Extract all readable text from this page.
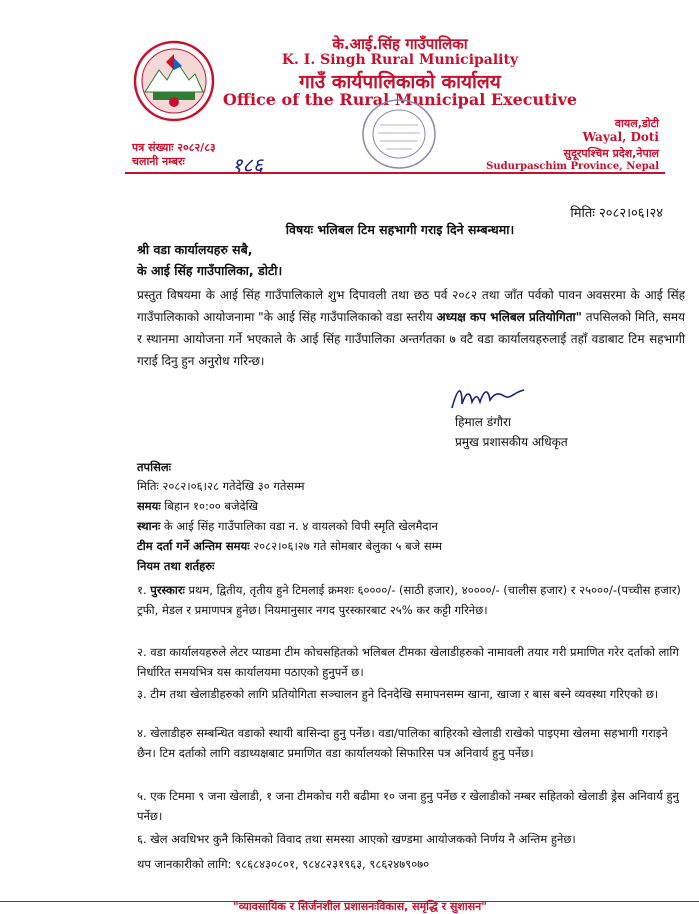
के.आई.सिंह गाउँपालिका
K. I. Singh Rural Municipality
गाउँ कार्यपालिकाको कार्यालय
Office of the Rural Municipal Executive
पत्र संख्याः २०८२/८३
चलानी नम्बरः १८६
वायल,डोटी
Wayal, Doti
सुदूरपश्चिम प्रदेश,नेपाल
Sudurpaschim Province, Nepal
मितिः २०८२।०६।२४
विषयः भलिबल टिम सहभागी गराइ दिने सम्बन्धमा।
श्री वडा कार्यालयहरु सबै,
के आई सिंह गाउँपालिका, डोटी।
प्रस्तुत विषयमा के आई सिंह गाउँपालिकाले शुभ दिपावली तथा छठ पर्व २०८२ तथा जाँत पर्वको पावन अवसरमा के आई सिंह गाउँपालिकाको आयोजनामा "के आई सिंह गाउँपालिकाको वडा स्तरीय अध्यक्ष कप भलिबल प्रतियोगिता" तपसिलको मिति, समय र स्थानमा आयोजना गर्ने भएकाले के आई सिंह गाउँपालिका अन्तर्गतका ७ वटै वडा कार्यालयहरुलाई तहाँ वडाबाट टिम सहभागी गराई दिनु हुन अनुरोध गरिन्छ।
हिमाल डंगौरा
प्रमुख प्रशासकीय अधिकृत
तपसिलः
मितिः २०८२।०६।२८ गतेदेखि ३० गतेसम्म
समयः बिहान १०:०० बजेदेखि
स्थानः के आई सिंह गाउँपालिका वडा न. ४ वायलको विपी स्मृति खेलमैदान
टीम दर्ता गर्ने अन्तिम समयः २०८२।०६।२७ गते सोमबार बेलुका ५ बजे सम्म
नियम तथा शर्तहरुः
१. पुरस्कारः प्रथम, द्वितीय, तृतीय हुने टिमलाई क्रमशः ६००००/- (साठी हजार), ४००००/- (चालीस हजार) र २५०००/-(पच्चीस हजार) ट्रफी, मेडल र प्रमाणपत्र हुनेछ। नियमानुसार नगद पुरस्कारबाट २५% कर कट्टी गरिनेछ।
२. वडा कार्यालयहरुले लेटर प्याडमा टीम कोचसहितको भलिबल टीमका खेलाडीहरुको नामावली तयार गरी प्रमाणित गरेर दर्ताको लागि निर्धारित समयभित्र यस कार्यालयमा पठाएको हुनुपर्ने छ।
३. टीम तथा खेलाडीहरुको लागि प्रतियोगिता सञ्चालन हुने दिनदेखि समापनसम्म खाना, खाजा र बास बस्ने व्यवस्था गरिएको छ।
४. खेलाडीहरु सम्बन्धित वडाको स्थायी बासिन्दा हुनु पर्नेछ। वडा/पालिका बाहिरको खेलाडी राखेको पाइएमा खेलमा सहभागी गराइने छैन। टिम दर्ताको लागि वडाध्यक्षबाट प्रमाणित वडा कार्यालयको सिफारिस पत्र अनिवार्य हुनु पर्नेछ।
५. एक टिममा ९ जना खेलाडी, १ जना टीमकोच गरी बढीमा १० जना हुनु पर्नेछ र खेलाडीको नम्बर सहितको खेलाडी ड्रेस अनिवार्य हुनु पर्नेछ।
६. खेल अवधिभर कुनै किसिमको विवाद तथा समस्या आएको खण्डमा आयोजकको निर्णय नै अन्तिम हुनेछ।
थप जानकारीको लागि: ९८६८४३०८०१, ९८४८२३१९६३, ९८६२४७९०७०
"व्यावसायिक र सिर्जनशील प्रशासनःविकास, समृद्धि र सुशासन"
